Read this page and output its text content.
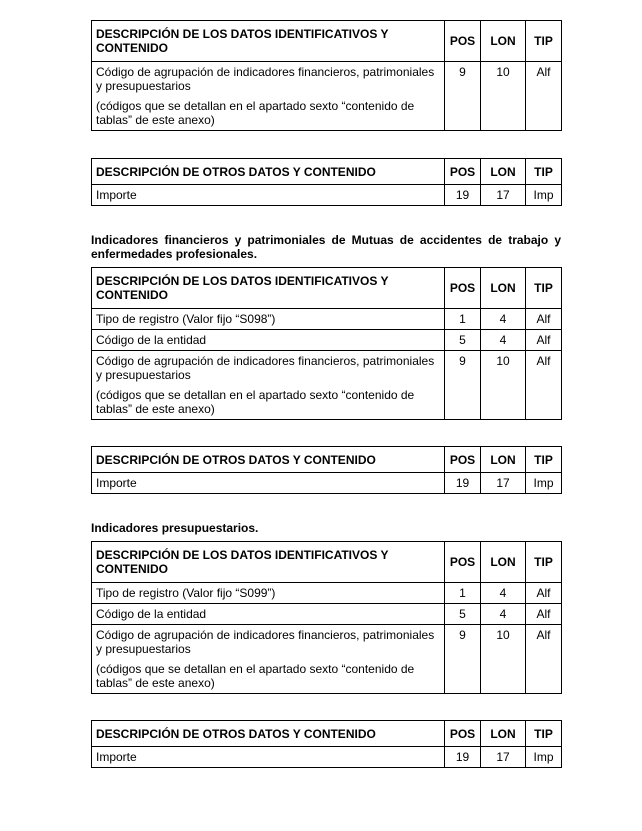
DESCRIPCIÓN DE LOS DATOS IDENTIFICATIVOS Y CONTENIDO	POS	LON	TIP

Código de agrupación de indicadores financieros, patrimoniales y presupuestarios
(códigos que se detallan en el apartado sexto “contenido de tablas” de este anexo)	9	10	Alf
DESCRIPCIÓN DE OTROS DATOS Y CONTENIDO	POS	LON	TIP
Importe	19	17	Imp
Indicadores financieros y patrimoniales de Mutuas de accidentes de trabajo y enfermedades profesionales.
DESCRIPCIÓN DE LOS DATOS IDENTIFICATIVOS Y CONTENIDO	POS	LON	TIP
Tipo de registro (Valor fijo “S098”)	1	4	Alf
Código de la entidad	5	4	Alf

Código de agrupación de indicadores financieros, patrimoniales y presupuestarios
(códigos que se detallan en el apartado sexto “contenido de tablas” de este anexo)	9	10	Alf
DESCRIPCIÓN DE OTROS DATOS Y CONTENIDO	POS	LON	TIP
Importe	19	17	Imp
Indicadores presupuestarios.
DESCRIPCIÓN DE LOS DATOS IDENTIFICATIVOS Y CONTENIDO	POS	LON	TIP
Tipo de registro (Valor fijo “S099”)	1	4	Alf
Código de la entidad	5	4	Alf

Código de agrupación de indicadores financieros, patrimoniales y presupuestarios
(códigos que se detallan en el apartado sexto “contenido de tablas” de este anexo)	9	10	Alf
DESCRIPCIÓN DE OTROS DATOS Y CONTENIDO	POS	LON	TIP
Importe	19	17	Imp
